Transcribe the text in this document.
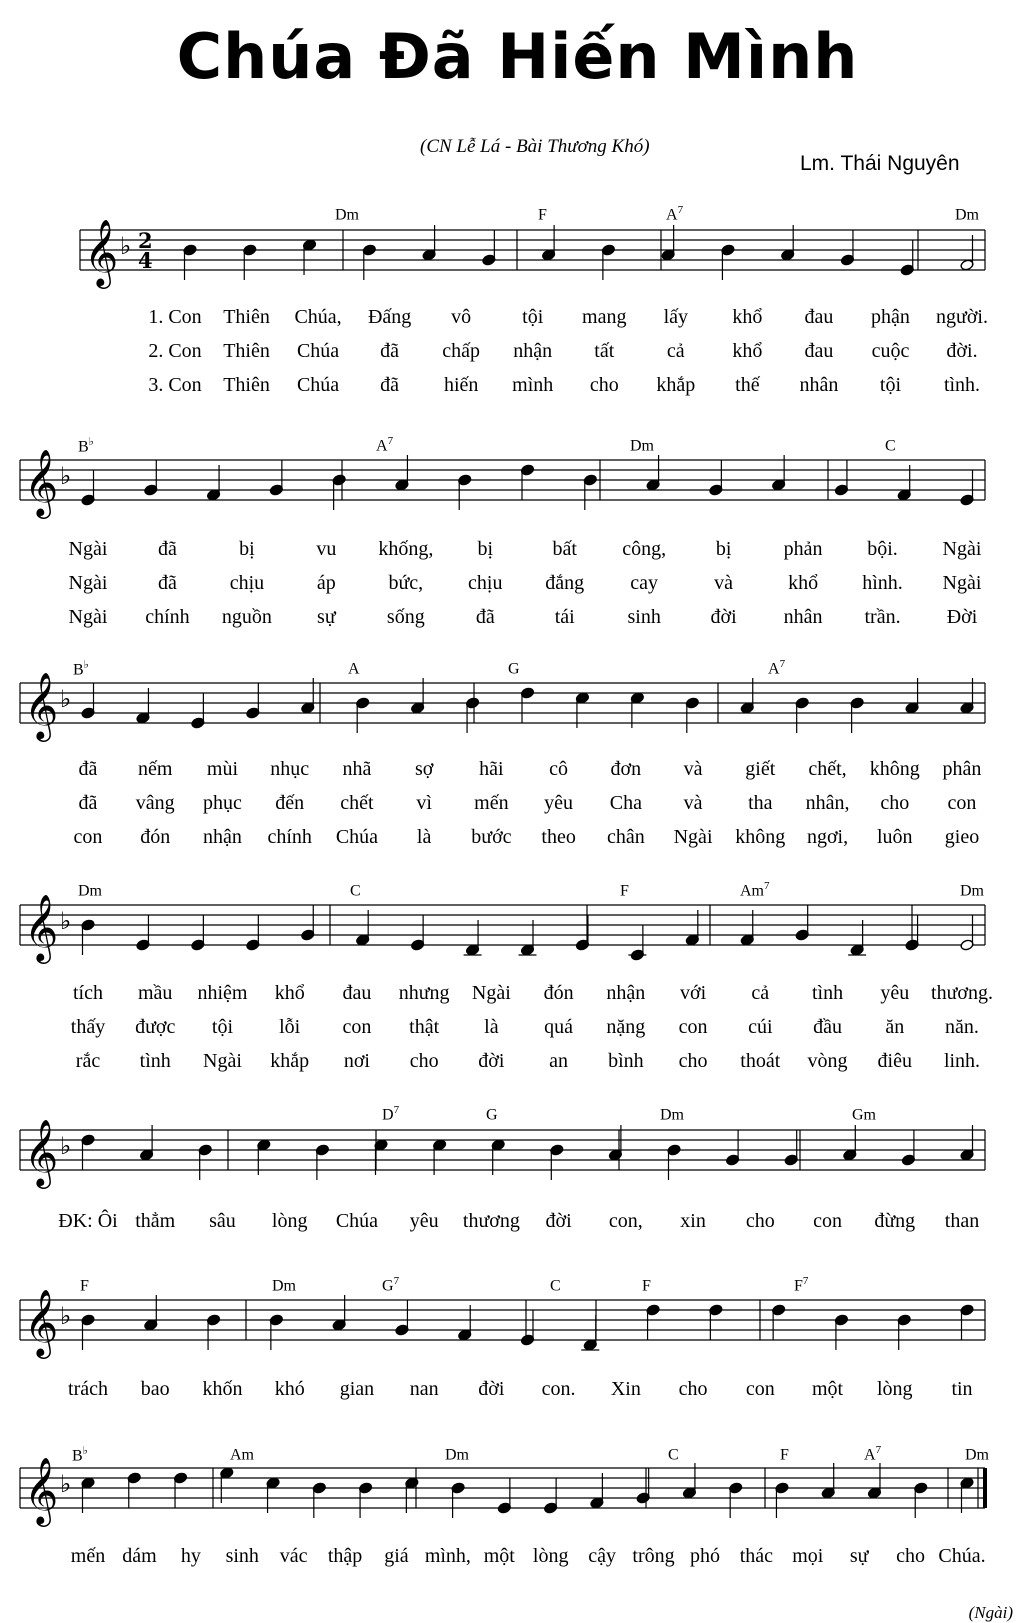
Chúa Đã Hiến Mình
(CN Lễ Lá - Bài Thương Khó)
Lm. Thái Nguyên
𝄞 ♭ 2
4
𝄞 ♭
𝄞 ♭
𝄞 ♭
𝄞 ♭
𝄞 ♭
𝄞 ♭
(Ngài)
Dm	F	$A^7$	Dm
1. Con Thiên Chúa, Đấng vô	tội mang lấy khổ đau phận người.
2. Con Thiên Chúa đã chấp nhận tất	cả khổ đau cuộc đời.
3. Con Thiên Chúa đã hiến mình cho khắp thế nhân tội tình.
B♭	$A^7$	Dm	C
Ngài	đã	bị	vu khống, bị	bất công, bị	phản bội. Ngài
Ngài	đã	chịu	áp	bức, chịu đắng cay	và	khổ hình. Ngài
Ngài chính nguồn sự	sống	đã	tái	sinh đời nhân trần. Đời
B♭	A	G	$A^7$
đã nếm mùi nhục nhã sợ hãi cô đơn và giết chết, không phân
đã vâng phục đến chết vì mến yêu Cha và tha nhân, cho con
con đón nhận chính Chúa là bước theo chân Ngài không ngơi, luôn gieo
Dm	C	F	Am$^7$	Dm
tích mầu nhiệm khổ đau nhưng Ngài đón nhận với cả tình yêu thương.
thấy được tội lỗi con thật là quá nặng con cúi đầu ăn năn.
rắc tình Ngài khắp nơi cho đời an bình cho thoát vòng điêu linh.
$D^7$	G	Dm	Gm
ĐK: Ôi thẳm sâu lòng Chúa yêu thương đời con, xin cho con đừng than
F	Dm	$G^7$	C	F	$F^7$
trách bao khốn khó gian nan đời con. Xin cho con một lòng tin
B♭	Am	Dm	C	F	$A^7$	Dm
mến dám hy sinh vác thập giá mình, một lòng cậy trông phó thác mọi sự cho Chúa.
